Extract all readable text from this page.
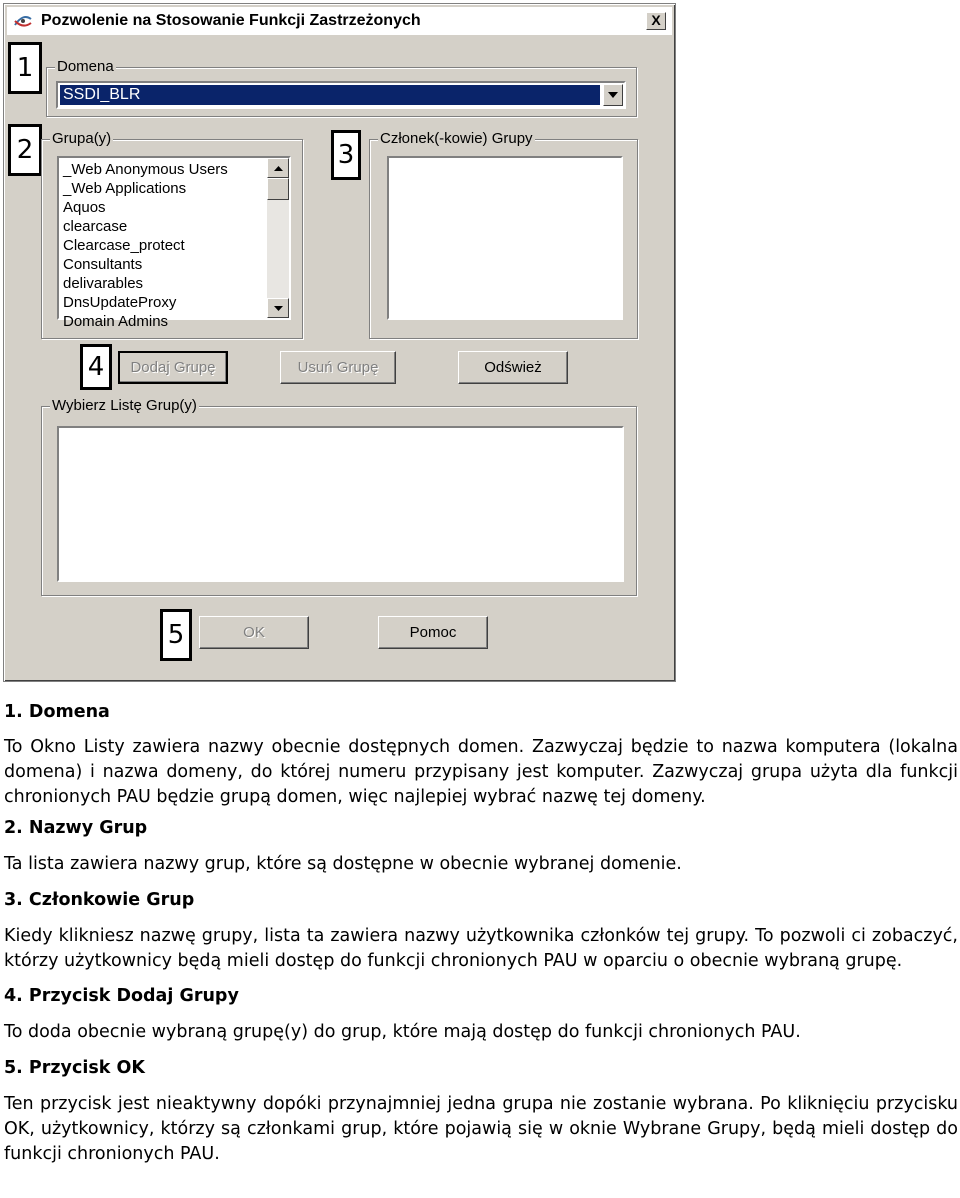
Pozwolenie na Stosowanie Funkcji Zastrzeżonych	X
1	Domena
SSDI_BLR
2	Grupa(y)
_Web Anonymous Users
_Web Applications
Aquos
clearcase
Clearcase_protect
Consultants
delivarables
DnsUpdateProxy
Domain Admins
3
Członek(-kowie) Grupy
4	Dodaj Grupę	Usuń Grupę	Odśwież
Wybierz Listę Grup(y)
5	OK	Pomoc
1. Domena

To Okno Listy zawiera nazwy obecnie dostępnych domen. Zazwyczaj będzie to nazwa komputera (lokalna domena) i nazwa domeny, do której numeru przypisany jest komputer. Zazwyczaj grupa użyta dla funkcji chronionych PAU będzie grupą domen, więc najlepiej wybrać nazwę tej domeny.

2. Nazwy Grup

Ta lista zawiera nazwy grup, które są dostępne w obecnie wybranej domenie.

3. Członkowie Grup

Kiedy klikniesz nazwę grupy, lista ta zawiera nazwy użytkownika członków tej grupy. To pozwoli ci zobaczyć, którzy użytkownicy będą mieli dostęp do funkcji chronionych PAU w oparciu o obecnie wybraną grupę.

4. Przycisk Dodaj Grupy

To doda obecnie wybraną grupę(y) do grup, które mają dostęp do funkcji chronionych PAU.

5. Przycisk OK

Ten przycisk jest nieaktywny dopóki przynajmniej jedna grupa nie zostanie wybrana. Po kliknięciu przycisku OK, użytkownicy, którzy są członkami grup, które pojawią się w oknie Wybrane Grupy, będą mieli dostęp do funkcji chronionych PAU.
